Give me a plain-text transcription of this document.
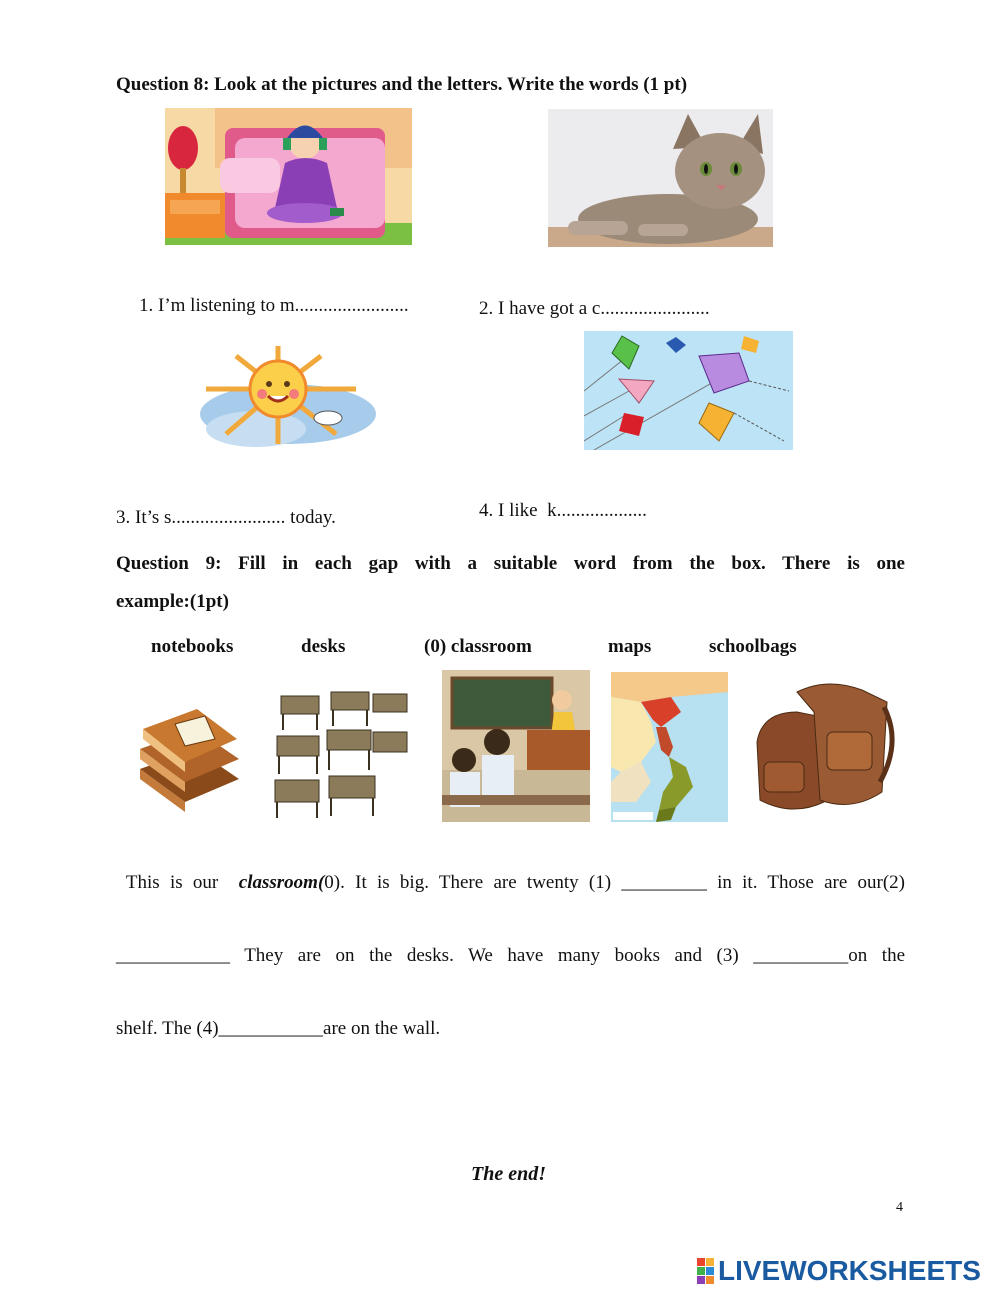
Question 8: Look at the pictures and the letters. Write the words (1 pt)
1. I’m listening to m........................	2. I have got a c.......................
3. It’s s........................ today.	4. I like  k...................
Question 9: Fill in each gap with a suitable word from the box. There is one
example:(1pt)
notebooks	desks	(0) classroom	maps	schoolbags
This is our  classroom(0). It is big. There are twenty (1) _________ in it. Those are our(2)
____________ They are on the desks. We have many books and (3) __________on the
shelf. The (4)___________are on the wall.
The end!
4
LIVEWORKSHEETS
